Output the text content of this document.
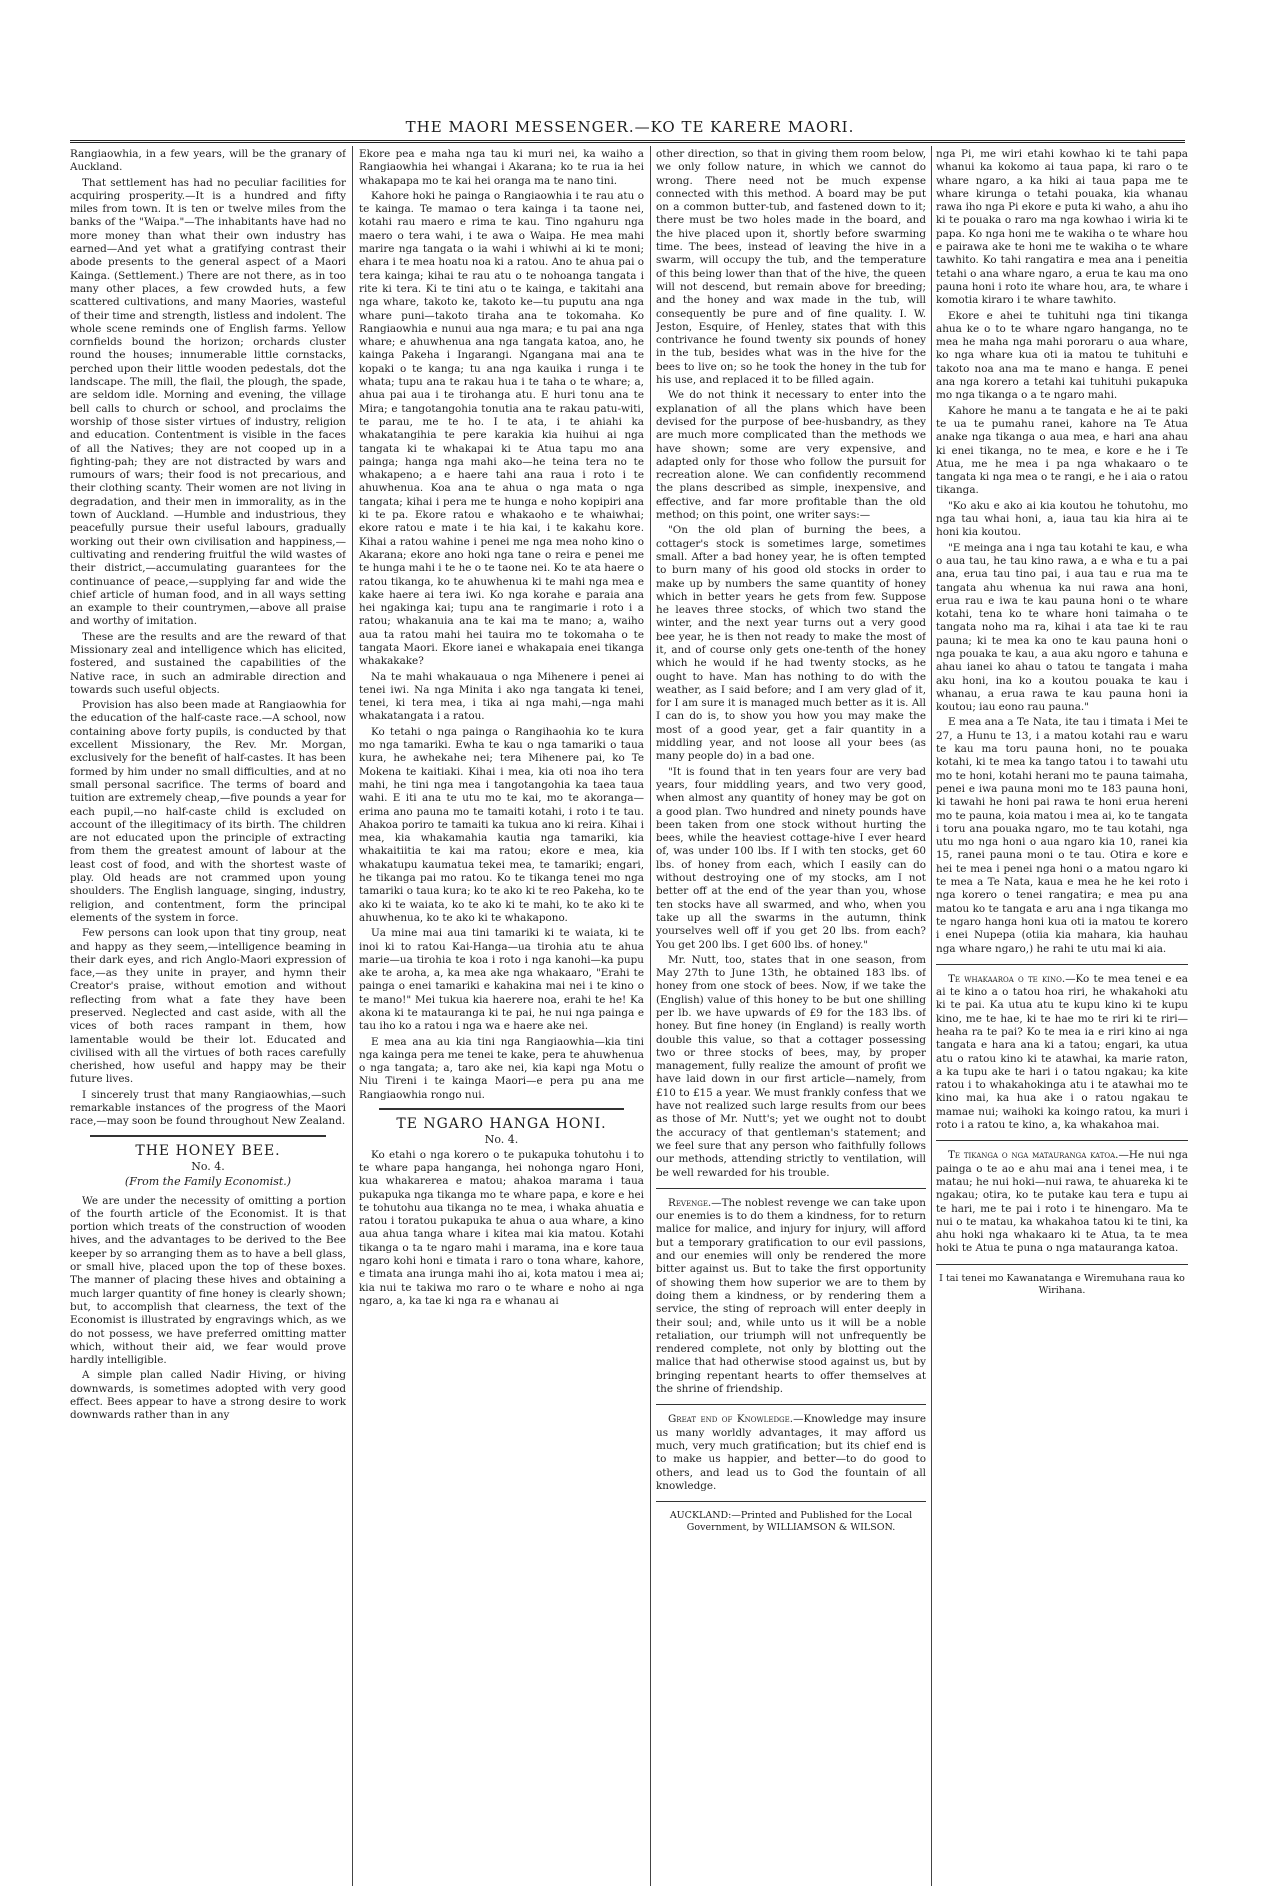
THE MAORI MESSENGER.—KO TE KARERE MAORI.

Rangiaowhia, in a few years, will be the granary of Auckland.

That settlement has had no peculiar facilities for acquiring prosperity.—It is a hundred and fifty miles from town. It is ten or twelve miles from the banks of the "Waipa."—The inhabitants have had no more money than what their own industry has earned—And yet what a gratifying contrast their abode presents to the general aspect of a Maori Kainga. (Settlement.) There are not there, as in too many other places, a few crowded huts, a few scattered cultivations, and many Maories, wasteful of their time and strength, listless and indolent. The whole scene reminds one of English farms. Yellow cornfields bound the horizon; orchards cluster round the houses; innumerable little cornstacks, perched upon their little wooden pedestals, dot the landscape. The mill, the flail, the plough, the spade, are seldom idle. Morning and evening, the village bell calls to church or school, and proclaims the worship of those sister virtues of industry, religion and education. Contentment is visible in the faces of all the Natives; they are not cooped up in a fighting-pah; they are not distracted by wars and rumours of wars; their food is not precarious, and their clothing scanty. Their women are not living in degradation, and their men in immorality, as in the town of Auckland. —Humble and industrious, they peacefully pursue their useful labours, gradually working out their own civilisation and happiness,—cultivating and rendering fruitful the wild wastes of their district,—accumulating guarantees for the continuance of peace,—supplying far and wide the chief article of human food, and in all ways setting an example to their countrymen,—above all praise and worthy of imitation.

These are the results and are the reward of that Missionary zeal and intelligence which has elicited, fostered, and sustained the capabilities of the Native race, in such an admirable direction and towards such useful objects.

Provision has also been made at Rangiaowhia for the education of the half-caste race.—A school, now containing above forty pupils, is conducted by that excellent Missionary, the Rev. Mr. Morgan, exclusively for the benefit of half-castes. It has been formed by him under no small difficulties, and at no small personal sacrifice. The terms of board and tuition are extremely cheap,—five pounds a year for each pupil,—no half-caste child is excluded on account of the illegitimacy of its birth. The children are not educated upon the principle of extracting from them the greatest amount of labour at the least cost of food, and with the shortest waste of play. Old heads are not crammed upon young shoulders. The English language, singing, industry, religion, and contentment, form the principal elements of the system in force.

Few persons can look upon that tiny group, neat and happy as they seem,—intelligence beaming in their dark eyes, and rich Anglo-Maori expression of face,—as they unite in prayer, and hymn their Creator's praise, without emotion and without reflecting from what a fate they have been preserved. Neglected and cast aside, with all the vices of both races rampant in them, how lamentable would be their lot. Educated and civilised with all the virtues of both races carefully cherished, how useful and happy may be their future lives.

I sincerely trust that many Rangiaowhias,—such remarkable instances of the progress of the Maori race,—may soon be found throughout New Zealand.

THE HONEY BEE.
No. 4.
(From the Family Economist.)

We are under the necessity of omitting a portion of the fourth article of the Economist. It is that portion which treats of the construction of wooden hives, and the advantages to be derived to the Bee keeper by so arranging them as to have a bell glass, or small hive, placed upon the top of these boxes. The manner of placing these hives and obtaining a much larger quantity of fine honey is clearly shown; but, to accomplish that clearness, the text of the Economist is illustrated by engravings which, as we do not possess, we have preferred omitting matter which, without their aid, we fear would prove hardly intelligible.

A simple plan called Nadir Hiving, or hiving downwards, is sometimes adopted with very good effect. Bees appear to have a strong desire to work downwards rather than in any

Ekore pea e maha nga tau ki muri nei, ka waiho a Rangiaowhia hei whangai i Akarana; ko te rua ia hei whakapapa mo te kai hei oranga ma te nano tini.

Kahore hoki he painga o Rangiaowhia i te rau atu o te kainga. Te mamao o tera kainga i ta taone nei, kotahi rau maero e rima te kau. Tino ngahuru nga maero o tera wahi, i te awa o Waipa. He mea mahi marire nga tangata o ia wahi i whiwhi ai ki te moni; ehara i te mea hoatu noa ki a ratou. Ano te ahua pai o tera kainga; kihai te rau atu o te nohoanga tangata i rite ki tera. Ki te tini atu o te kainga, e takitahi ana nga whare, takoto ke, takoto ke—tu puputu ana nga whare puni—takoto tiraha ana te tokomaha. Ko Rangiaowhia e nunui aua nga mara; e tu pai ana nga whare; e ahuwhenua ana nga tangata katoa, ano, he kainga Pakeha i Ingarangi. Ngangana mai ana te kopaki o te kanga; tu ana nga kauika i runga i te whata; tupu ana te rakau hua i te taha o te whare; a, ahua pai aua i te tirohanga atu. E huri tonu ana te Mira; e tangotangohia tonutia ana te rakau patu-witi, te parau, me te ho. I te ata, i te ahiahi ka whakatangihia te pere karakia kia huihui ai nga tangata ki te whakapai ki te Atua tapu mo ana painga; hanga nga mahi ako—he teina tera no te whakapeno; a e haere tahi ana raua i roto i te ahuwhenua. Koa ana te ahua o nga mata o nga tangata; kihai i pera me te hunga e noho kopipiri ana ki te pa. Ekore ratou e whakaoho e te whaiwhai; ekore ratou e mate i te hia kai, i te kakahu kore. Kihai a ratou wahine i penei me nga mea noho kino o Akarana; ekore ano hoki nga tane o reira e penei me te hunga mahi i te he o te taone nei. Ko te ata haere o ratou tikanga, ko te ahuwhenua ki te mahi nga mea e kake haere ai tera iwi. Ko nga korahe e paraia ana hei ngakinga kai; tupu ana te rangimarie i roto i a ratou; whakanuia ana te kai ma te mano; a, waiho aua ta ratou mahi hei tauira mo te tokomaha o te tangata Maori. Ekore ianei e whakapaia enei tikanga whakakake?

Na te mahi whakauaua o nga Mihenere i penei ai tenei iwi. Na nga Minita i ako nga tangata ki tenei, tenei, ki tera mea, i tika ai nga mahi,—nga mahi whakatangata i a ratou.

Ko tetahi o nga painga o Rangihaohia ko te kura mo nga tamariki. Ewha te kau o nga tamariki o taua kura, he awhekahe nei; tera Mihenere pai, ko Te Mokena te kaitiaki. Kihai i mea, kia oti noa iho tera mahi, he tini nga mea i tangotangohia ka taea taua wahi. E iti ana te utu mo te kai, mo te akoranga—erima ano pauna mo te tamaiti kotahi, i roto i te tau. Ahakoa poriro te tamaiti ka tukua ano ki reira. Kihai i mea, kia whakamahia kautia nga tamariki, kia whakaitiitia te kai ma ratou; ekore e mea, kia whakatupu kaumatua tekei mea, te tamariki; engari, he tikanga pai mo ratou. Ko te tikanga tenei mo nga tamariki o taua kura; ko te ako ki te reo Pakeha, ko te ako ki te waiata, ko te ako ki te mahi, ko te ako ki te ahuwhenua, ko te ako ki te whakapono.

Ua mine mai aua tini tamariki ki te waiata, ki te inoi ki to ratou Kai-Hanga—ua tirohia atu te ahua marie—ua tirohia te koa i roto i nga kanohi—ka pupu ake te aroha, a, ka mea ake nga whakaaro, "Erahi te painga o enei tamariki e kahakina mai nei i te kino o te mano!" Mei tukua kia haerere noa, erahi te he! Ka akona ki te matauranga ki te pai, he nui nga painga e tau iho ko a ratou i nga wa e haere ake nei.

E mea ana au kia tini nga Rangiaowhia—kia tini nga kainga pera me tenei te kake, pera te ahuwhenua o nga tangata; a, taro ake nei, kia kapi nga Motu o Niu Tireni i te kainga Maori—e pera pu ana me Rangiaowhia rongo nui.

TE NGARO HANGA HONI.
No. 4.

Ko etahi o nga korero o te pukapuka tohutohu i to te whare papa hanganga, hei nohonga ngaro Honi, kua whakarerea e matou; ahakoa marama i taua pukapuka nga tikanga mo te whare papa, e kore e hei te tohutohu aua tikanga no te mea, i whaka ahuatia e ratou i toratou pukapuka te ahua o aua whare, a kino aua ahua tanga whare i kitea mai kia matou. Kotahi tikanga o ta te ngaro mahi i marama, ina e kore taua ngaro kohi honi e timata i raro o tona whare, kahore, e timata ana irunga mahi iho ai, kota matou i mea ai; kia nui te takiwa mo raro o te whare e noho ai nga ngaro, a, ka tae ki nga ra e whanau ai

other direction, so that in giving them room below, we only follow nature, in which we cannot do wrong. There need not be much expense connected with this method. A board may be put on a common butter-tub, and fastened down to it; there must be two holes made in the board, and the hive placed upon it, shortly before swarming time. The bees, instead of leaving the hive in a swarm, will occupy the tub, and the temperature of this being lower than that of the hive, the queen will not descend, but remain above for breeding; and the honey and wax made in the tub, will consequently be pure and of fine quality. I. W. Jeston, Esquire, of Henley, states that with this contrivance he found twenty six pounds of honey in the tub, besides what was in the hive for the bees to live on; so he took the honey in the tub for his use, and replaced it to be filled again.

We do not think it necessary to enter into the explanation of all the plans which have been devised for the purpose of bee-husbandry, as they are much more complicated than the methods we have shown; some are very expensive, and adapted only for those who follow the pursuit for recreation alone. We can confidently recommend the plans described as simple, inexpensive, and effective, and far more profitable than the old method; on this point, one writer says:—

"On the old plan of burning the bees, a cottager's stock is sometimes large, sometimes small. After a bad honey year, he is often tempted to burn many of his good old stocks in order to make up by numbers the same quantity of honey which in better years he gets from few. Suppose he leaves three stocks, of which two stand the winter, and the next year turns out a very good bee year, he is then not ready to make the most of it, and of course only gets one-tenth of the honey which he would if he had twenty stocks, as he ought to have. Man has nothing to do with the weather, as I said before; and I am very glad of it, for I am sure it is managed much better as it is. All I can do is, to show you how you may make the most of a good year, get a fair quantity in a middling year, and not loose all your bees (as many people do) in a bad one.

"It is found that in ten years four are very bad years, four middling years, and two very good, when almost any quantity of honey may be got on a good plan. Two hundred and ninety pounds have been taken from one stock without hurting the bees, while the heaviest cottage-hive I ever heard of, was under 100 lbs. If I with ten stocks, get 60 lbs. of honey from each, which I easily can do without destroying one of my stocks, am I not better off at the end of the year than you, whose ten stocks have all swarmed, and who, when you take up all the swarms in the autumn, think yourselves well off if you get 20 lbs. from each? You get 200 lbs. I get 600 lbs. of honey."

Mr. Nutt, too, states that in one season, from May 27th to June 13th, he obtained 183 lbs. of honey from one stock of bees. Now, if we take the (English) value of this honey to be but one shilling per lb. we have upwards of £9 for the 183 lbs. of honey. But fine honey (in England) is really worth double this value, so that a cottager possessing two or three stocks of bees, may, by proper management, fully realize the amount of profit we have laid down in our first article—namely, from £10 to £15 a year. We must frankly confess that we have not realized such large results from our bees as those of Mr. Nutt's; yet we ought not to doubt the accuracy of that gentleman's statement; and we feel sure that any person who faithfully follows our methods, attending strictly to ventilation, will be well rewarded for his trouble.

Revenge.—The noblest revenge we can take upon our enemies is to do them a kindness, for to return malice for malice, and injury for injury, will afford but a temporary gratification to our evil passions, and our enemies will only be rendered the more bitter against us. But to take the first opportunity of showing them how superior we are to them by doing them a kindness, or by rendering them a service, the sting of reproach will enter deeply in their soul; and, while unto us it will be a noble retaliation, our triumph will not unfrequently be rendered complete, not only by blotting out the malice that had otherwise stood against us, but by bringing repentant hearts to offer themselves at the shrine of friendship.

Great end of Knowledge.—Knowledge may insure us many worldly advantages, it may afford us much, very much gratification; but its chief end is to make us happier, and better—to do good to others, and lead us to God the fountain of all knowledge.

AUCKLAND:—Printed and Published for the Local Government, by WILLIAMSON & WILSON.

nga Pi, me wiri etahi kowhao ki te tahi papa whanui ka kokomo ai taua papa, ki raro o te whare ngaro, a ka hiki ai taua papa me te whare kirunga o tetahi pouaka, kia whanau rawa iho nga Pi ekore e puta ki waho, a ahu iho ki te pouaka o raro ma nga kowhao i wiria ki te papa. Ko nga honi me te wakiha o te whare hou e pairawa ake te honi me te wakiha o te whare tawhito. Ko tahi rangatira e mea ana i peneitia tetahi o ana whare ngaro, a erua te kau ma ono pauna honi i roto ite whare hou, ara, te whare i komotia kiraro i te whare tawhito.

Ekore e ahei te tuhituhi nga tini tikanga ahua ke o to te whare ngaro hanganga, no te mea he maha nga mahi pororaru o aua whare, ko nga whare kua oti ia matou te tuhituhi e takoto noa ana ma te mano e hanga. E penei ana nga korero a tetahi kai tuhituhi pukapuka mo nga tikanga o a te ngaro mahi.

Kahore he manu a te tangata e he ai te paki te ua te pumahu ranei, kahore na Te Atua anake nga tikanga o aua mea, e hari ana ahau ki enei tikanga, no te mea, e kore e he i Te Atua, me he mea i pa nga whakaaro o te tangata ki nga mea o te rangi, e he i aia o ratou tikanga.

"Ko aku e ako ai kia koutou he tohutohu, mo nga tau whai honi, a, iaua tau kia hira ai te honi kia koutou.

"E meinga ana i nga tau kotahi te kau, e wha o aua tau, he tau kino rawa, a e wha e tu a pai ana, erua tau tino pai, i aua tau e rua ma te tangata ahu whenua ka nui rawa ana honi, erua rau e iwa te kau pauna honi o te whare kotahi, tena ko te whare honi taimaha o te tangata noho ma ra, kihai i ata tae ki te rau pauna; ki te mea ka ono te kau pauna honi o nga pouaka te kau, a aua aku ngoro e tahuna e ahau ianei ko ahau o tatou te tangata i maha aku honi, ina ko a koutou pouaka te kau i whanau, a erua rawa te kau pauna honi ia koutou; iau eono rau pauna."

E mea ana a Te Nata, ite tau i timata i Mei te 27, a Hunu te 13, i a matou kotahi rau e waru te kau ma toru pauna honi, no te pouaka kotahi, ki te mea ka tango tatou i to tawahi utu mo te honi, kotahi herani mo te pauna taimaha, penei e iwa pauna moni mo te 183 pauna honi, ki tawahi he honi pai rawa te honi erua hereni mo te pauna, koia matou i mea ai, ko te tangata i toru ana pouaka ngaro, mo te tau kotahi, nga utu mo nga honi o aua ngaro kia 10, ranei kia 15, ranei pauna moni o te tau. Otira e kore e hei te mea i penei nga honi o a matou ngaro ki te mea a Te Nata, kaua e mea he he kei roto i nga korero o tenei rangatira; e mea pu ana matou ko te tangata e aru ana i nga tikanga mo te ngaro hanga honi kua oti ia matou te korero i enei Nupepa (otiia kia mahara, kia hauhau nga whare ngaro,) he rahi te utu mai ki aia.

Te whakaaroa o te kino.—Ko te mea tenei e ea ai te kino a o tatou hoa riri, he whakahoki atu ki te pai. Ka utua atu te kupu kino ki te kupu kino, me te hae, ki te hae mo te riri ki te riri—heaha ra te pai? Ko te mea ia e riri kino ai nga tangata e hara ana ki a tatou; engari, ka utua atu o ratou kino ki te atawhai, ka marie raton, a ka tupu ake te hari i o tatou ngakau; ka kite ratou i to whakahokinga atu i te atawhai mo te kino mai, ka hua ake i o ratou ngakau te mamae nui; waihoki ka koingo ratou, ka muri i roto i a ratou te kino, a, ka whakahoa mai.

Te tikanga o nga matauranga katoa.—He nui nga painga o te ao e ahu mai ana i tenei mea, i te matau; he nui hoki—nui rawa, te ahuareka ki te ngakau; otira, ko te putake kau tera e tupu ai te hari, me te pai i roto i te hinengaro. Ma te nui o te matau, ka whakahoa tatou ki te tini, ka ahu hoki nga whakaaro ki te Atua, ta te mea hoki te Atua te puna o nga matauranga katoa.

I tai tenei mo Kawanatanga e Wiremuhana raua ko Wirihana.
